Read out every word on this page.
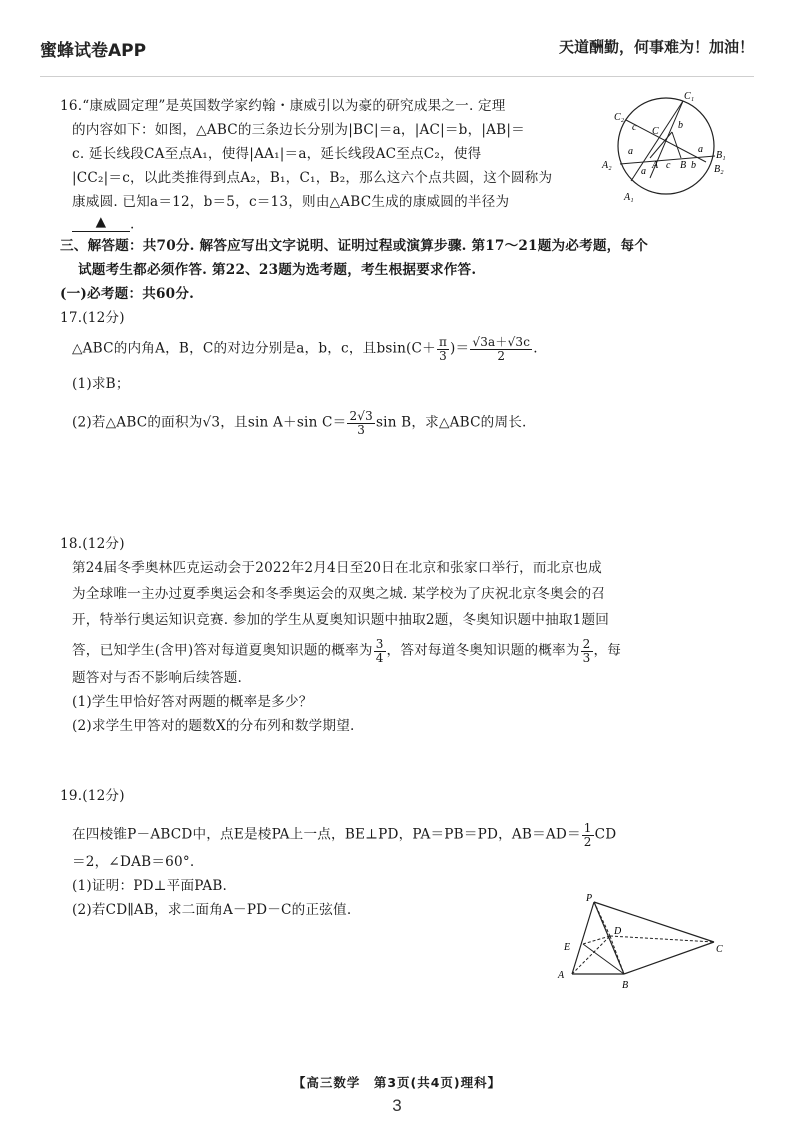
蜜蜂试卷APP	天道酬勤，何事难为！加油！
16.“康威圆定理”是英国数学家约翰・康威引以为豪的研究成果之一. 定理
的内容如下：如图，△ABC的三条边长分别为|BC|＝a，|AC|＝b，|AB|＝
c. 延长线段CA至点A₁，使得|AA₁|＝a，延长线段AC至点C₂，使得
|CC₂|＝c，以此类推得到点A₂，B₁，C₁，B₂，那么这六个点共圆，这个圆称为
康威圆. 已知a＝12，b＝5，c＝13，则由△ABC生成的康威圆的半径为
▲ .
C₁
C₂
c C
b
a
A B
c b
B₁
B₂
A₂
a
A₁
a
三、解答题：共70分. 解答应写出文字说明、证明过程或演算步骤. 第17～21题为必考题，每个
试题考生都必须作答. 第22、23题为选考题，考生根据要求作答.
(一)必考题：共60分.
17.(12分)
△ABC的内角A，B，C的对边分别是a，b，c，且$bsin(C+ \frac{\pi}{3}$ )＝ $\frac{√3a+√3c}{2}$ .
(1)求B；
(2)若△ABC的面积为√3，且sin A＋sin $C= \frac{2√3}{3}$ sin B，求△ABC的周长.
18.(12分)
第24届冬季奥林匹克运动会于2022年2月4日至20日在北京和张家口举行，而北京也成
为全球唯一主办过夏季奥运会和冬季奥运会的双奥之城. 某学校为了庆祝北京冬奥会的召
开，特举行奥运知识竞赛. 参加的学生从夏奥知识题中抽取2题，冬奥知识题中抽取1题回
答，已知学生(含甲)答对每道夏奥知识题的概率为 $\frac{3}{4}$ ，答对每道冬奥知识题的概率为 $\frac{2}{3}$ ，每
题答对与否不影响后续答题.
(1)学生甲恰好答对两题的概率是多少？
(2)求学生甲答对的题数X的分布列和数学期望.
19.(12分)
在四棱锥P－ABCD中，点E是棱PA上一点，BE⊥PD，PA＝PB＝PD，$AB=AD= \frac{1}{2}$ CD
＝2，∠DAB＝60°.
(1)证明：PD⊥平面PAB.
(2)若CD∥AB，求二面角A－PD－C的正弦值.
P
D
E
A
B
C
【高三数学　第3页(共4页)理科】
3
